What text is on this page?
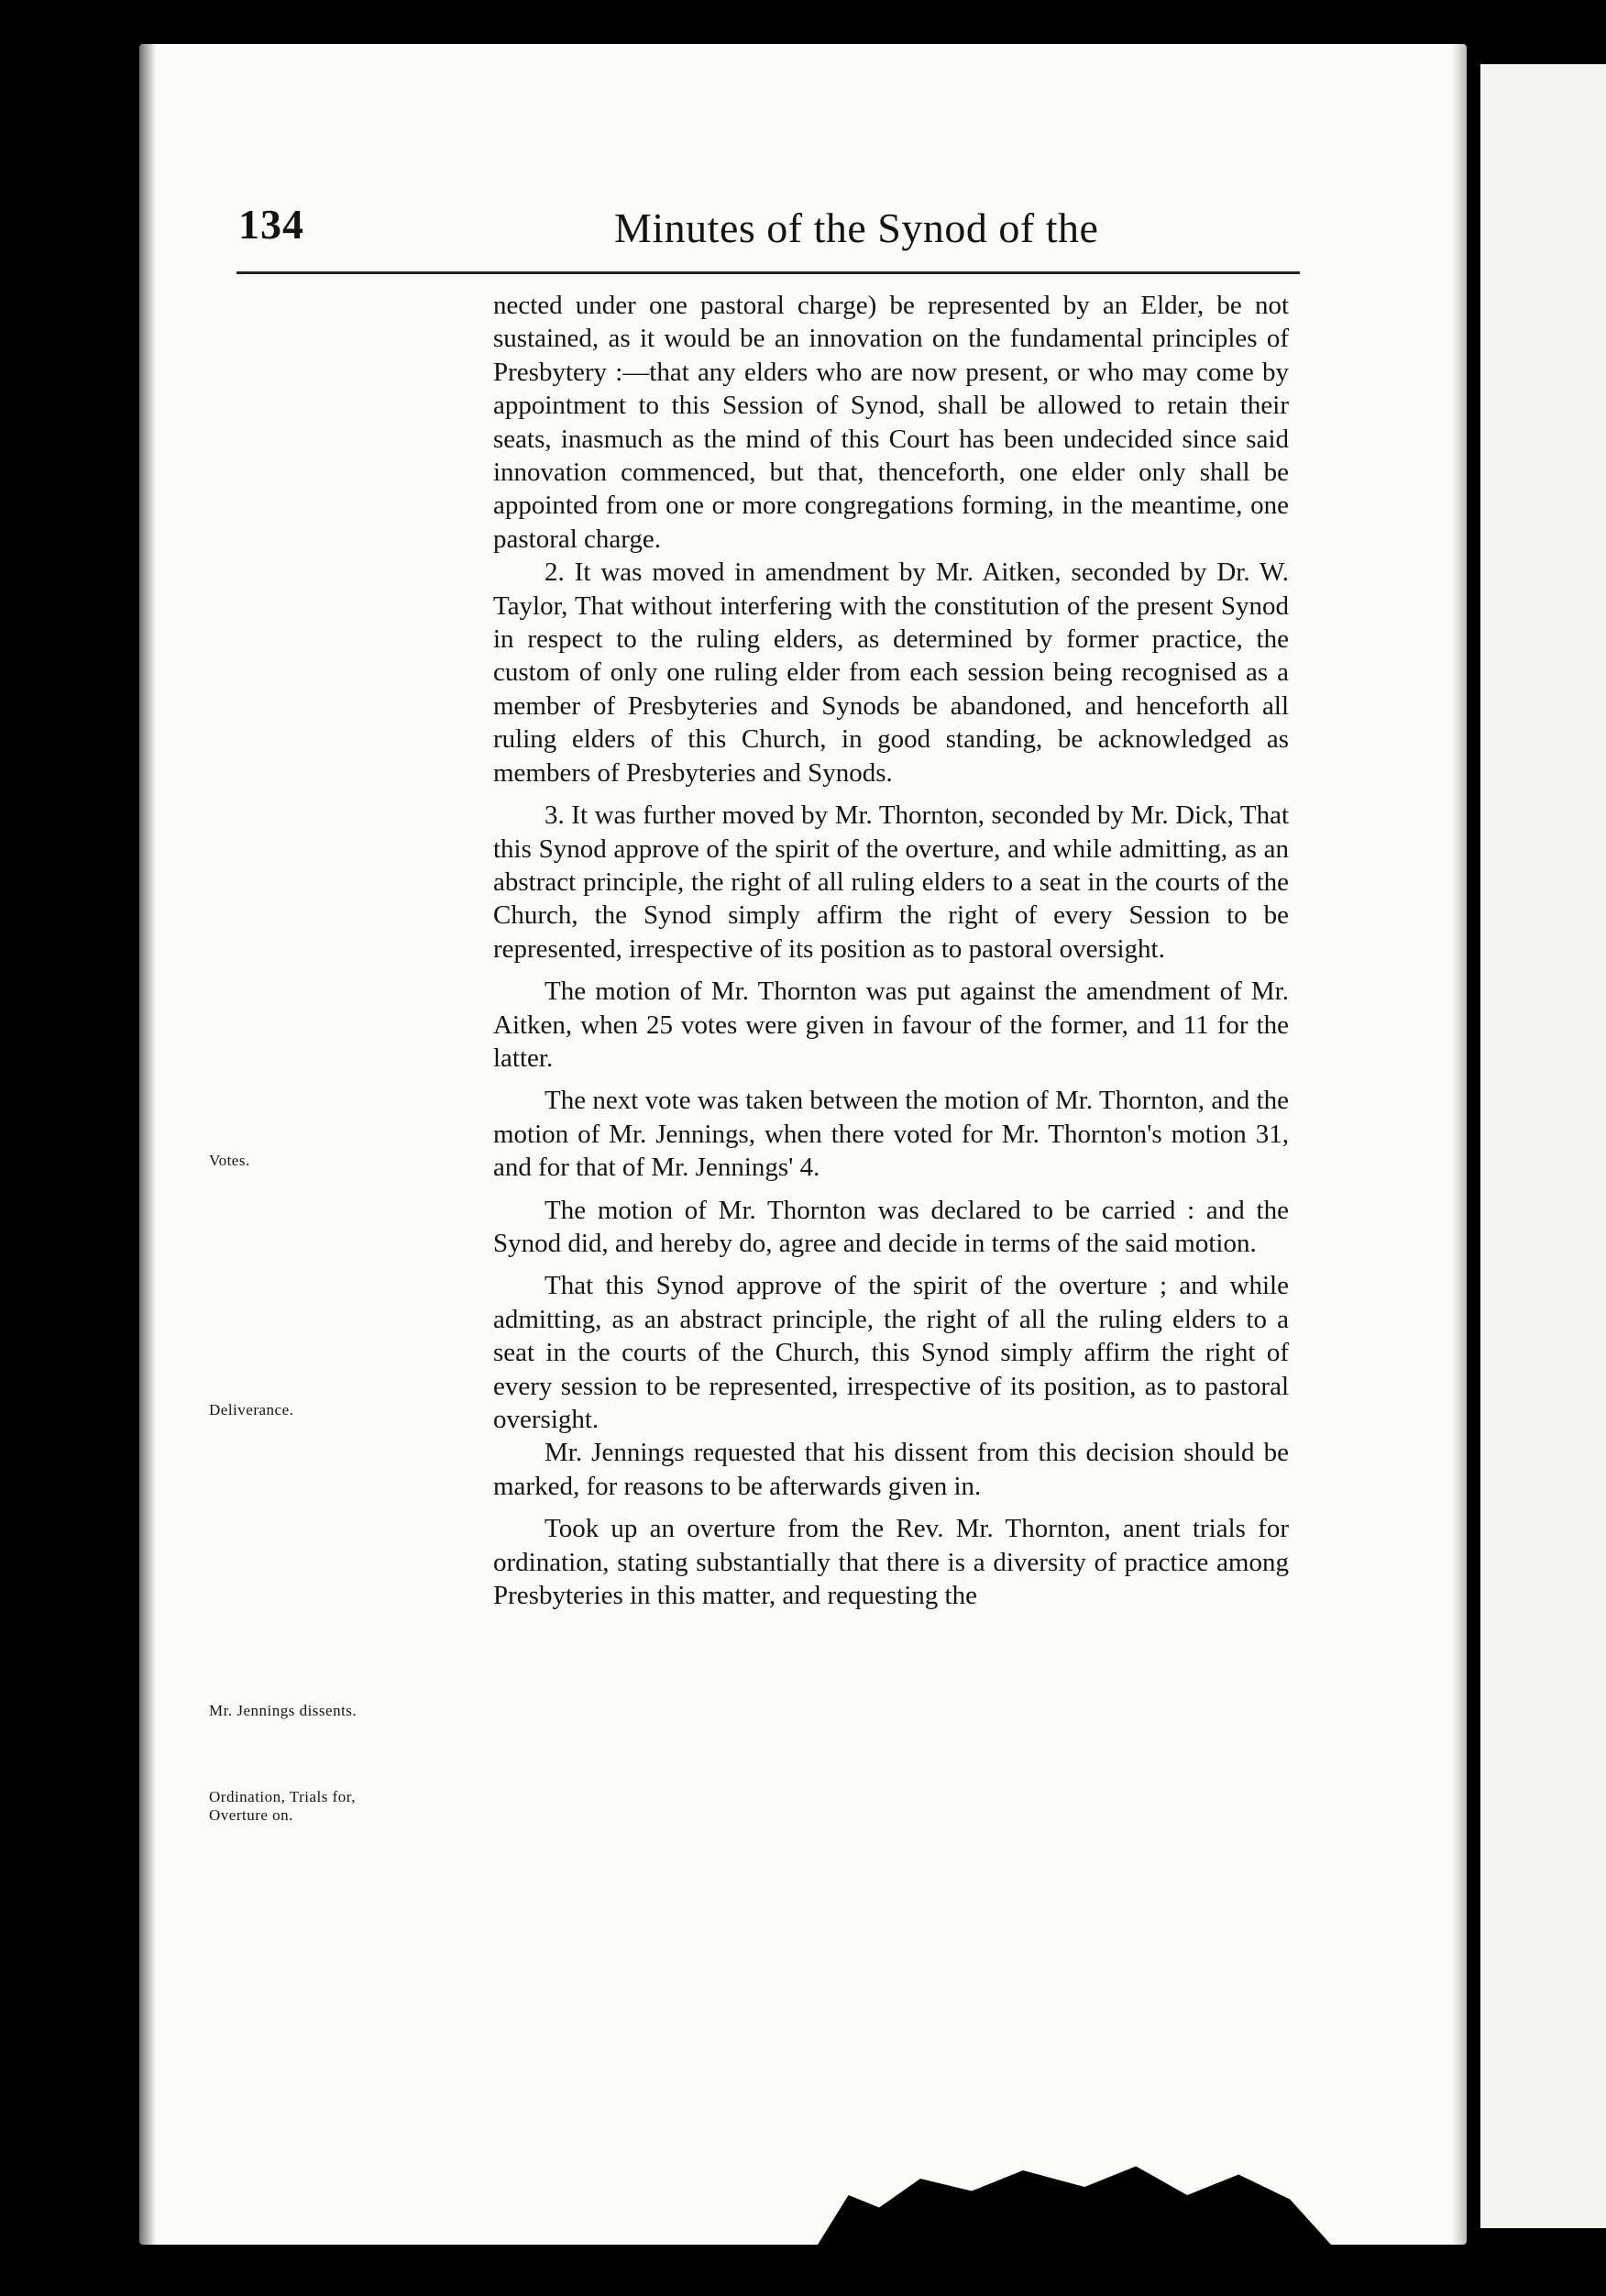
134	Minutes of the Synod of the
Votes.
Deliverance.
Mr. Jennings dissents.
Ordination, Trials for, Overture on.

nected under one pastoral charge) be represented by an Elder, be not sustained, as it would be an innovation on the fundamental principles of Presbytery :—that any elders who are now present, or who may come by appointment to this Session of Synod, shall be allowed to retain their seats, inasmuch as the mind of this Court has been undecided since said innovation commenced, but that, thenceforth, one elder only shall be appointed from one or more congregations forming, in the meantime, one pastoral charge.

2. It was moved in amendment by Mr. Aitken, seconded by Dr. W. Taylor, That without interfering with the constitution of the present Synod in respect to the ruling elders, as determined by former practice, the custom of only one ruling elder from each session being recognised as a member of Presbyteries and Synods be abandoned, and henceforth all ruling elders of this Church, in good standing, be acknowledged as members of Presbyteries and Synods.

3. It was further moved by Mr. Thornton, seconded by Mr. Dick, That this Synod approve of the spirit of the overture, and while admitting, as an abstract principle, the right of all ruling elders to a seat in the courts of the Church, the Synod simply affirm the right of every Session to be represented, irrespective of its position as to pastoral oversight.

The motion of Mr. Thornton was put against the amendment of Mr. Aitken, when 25 votes were given in favour of the former, and 11 for the latter.

The next vote was taken between the motion of Mr. Thornton, and the motion of Mr. Jennings, when there voted for Mr. Thornton's motion 31, and for that of Mr. Jennings' 4.

The motion of Mr. Thornton was declared to be carried : and the Synod did, and hereby do, agree and decide in terms of the said motion.

That this Synod approve of the spirit of the overture ; and while admitting, as an abstract principle, the right of all the ruling elders to a seat in the courts of the Church, this Synod simply affirm the right of every session to be represented, irrespective of its position, as to pastoral oversight.

Mr. Jennings requested that his dissent from this decision should be marked, for reasons to be afterwards given in.

Took up an overture from the Rev. Mr. Thornton, anent trials for ordination, stating substantially that there is a diversity of practice among Presbyteries in this matter, and requesting the
